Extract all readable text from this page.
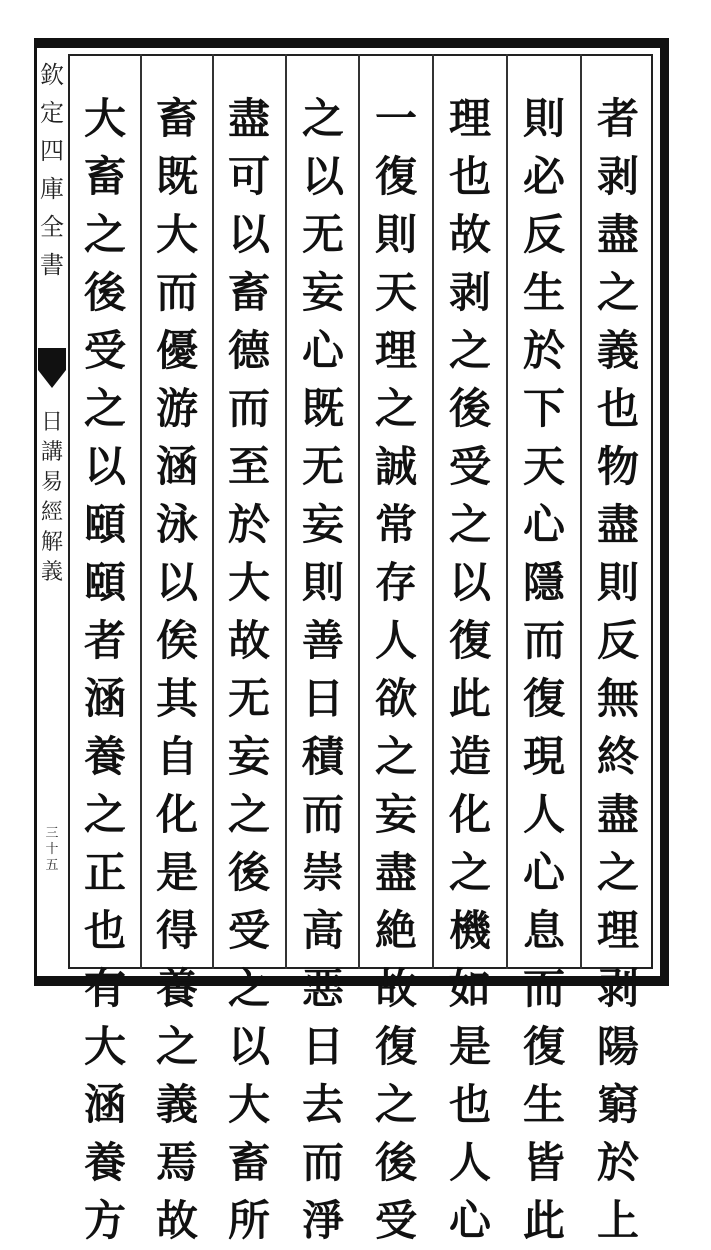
欽
定
四
庫
全
書
日
講
易
經
解
義
三
十
五
者
剥
盡
之
義
也
物
盡
則
反
無
終
盡
之
理
剥
陽
窮
於
上
則
必
反
生
於
下
天
心
隱
而
復
現
人
心
息
而
復
生
皆
此
理
也
故
剥
之
後
受
之
以
復
此
造
化
之
機
如
是
也
人
心
一
復
則
天
理
之
誠
常
存
人
欲
之
妄
盡
絶
故
復
之
後
受
之
以
无
妄
心
既
无
妄
則
善
日
積
而
崇
高
惡
日
去
而
淨
盡
可
以
畜
德
而
至
於
大
故
无
妄
之
後
受
之
以
大
畜
所
畜
既
大
而
優
游
涵
泳
以
俟
其
自
化
是
得
養
之
義
焉
故
大
畜
之
後
受
之
以
頤
頤
者
涵
養
之
正
也
有
大
涵
養
方
